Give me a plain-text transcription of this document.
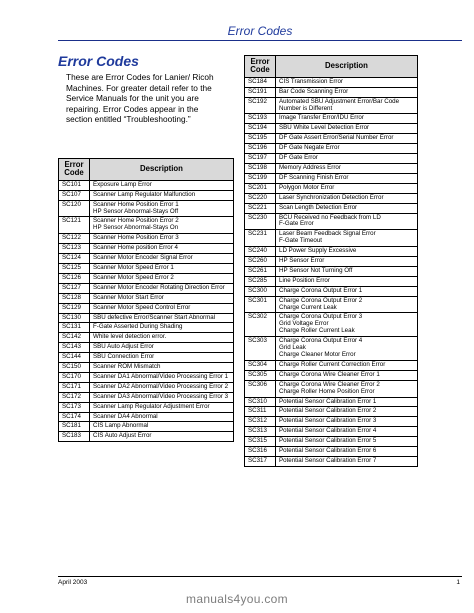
Error Codes
Error Codes
These are Error Codes for Lanier/ Ricoh Machines. For greater detail refer to the Service Manuals for the unit you are repairing. Error Codes appear in the section entitled “Troubleshooting.”
Error Code	Description
SC101	Exposure Lamp Error
SC107	Scanner Lamp Regulator Malfunction
SC120	Scanner Home Position Error 1
HP Sensor Abnormal-Stays Off
SC121	Scanner Home Position Error 2
HP Sensor Abnormal-Stays On
SC122	Scanner Home Position Error 3
SC123	Scanner Home position Error 4
SC124	Scanner Motor Encoder Signal Error
SC125	Scanner Motor Speed Error 1
SC126	Scanner Motor Speed Error 2
SC127	Scanner Motor Encoder Rotating Direction Error
SC128	Scanner Motor Start Error
SC129	Scanner Motor Speed Control Error
SC130	SBU defective Error/Scanner Start Abnormal
SC131	F-Gate Asserted During Shading
SC142	White level detection error.
SC143	SBU Auto Adjust Error
SC144	SBU Connection Error
SC150	Scanner ROM Mismatch
SC170	Scanner DA1 Abnormal/Video Processing Error 1
SC171	Scanner DA2 Abnormal/Video Processing Error 2
SC172	Scanner DA3 Abnormal/Video Processing Error 3
SC173	Scanner Lamp Regulator Adjustment Error
SC174	Scanner DA4 Abnormal
SC181	CIS Lamp Abnormal
SC183	CIS Auto Adjust Error
Error Code	Description
SC184	CIS Transmission Error
SC191	Bar Code Scanning Error
SC192	Automated SBU Adjustment Error/Bar Code Number is Different
SC193	Image Transfer Error/IDU Error
SC194	SBU White Level Detection Error
SC195	DF Gate Assert Error/Serial Number Error
SC196	DF Gate Negate Error
SC197	DF Gate Error
SC198	Memory Address Error
SC199	DF Scanning Finish Error
SC201	Polygon Motor Error
SC220	Laser Synchronization Detection Error
SC221	Scan Length Detection Error
SC230	BCU Received no Feedback from LD
F-Gate Error
SC231	Laser Beam Feedback Signal Error
F-Gate Timeout
SC240	LD Power Supply Excessive
SC260	HP Sensor Error
SC261	HP Sensor Not Turning Off
SC285	Line Position Error
SC300	Charge Corona Output Error 1
SC301	Charge Corona Output Error 2
Charge Current Leak
SC302	Charge Corona Output Error 3
Grid Voltage Error
Charge Roller Current Leak
SC303	Charge Corona Output Error 4
Grid Leak
Charge Cleaner Motor Error
SC304	Charge Roller Current Correction Error
SC305	Charge Corona Wire Cleaner Error 1
SC306	Charge Corona Wire Cleaner Error 2
Charge Roller Home Position Error
SC310	Potential Sensor Calibration Error 1
SC311	Potential Sensor Calibration Error 2
SC312	Potential Sensor Calibration Error 3
SC313	Potential Sensor Calibration Error 4
SC315	Potential Sensor Calibration Error 5
SC316	Potential Sensor Calibration Error 6
SC317	Potential Sensor Calibration Error 7
April 2003	1
manuals4you.com
